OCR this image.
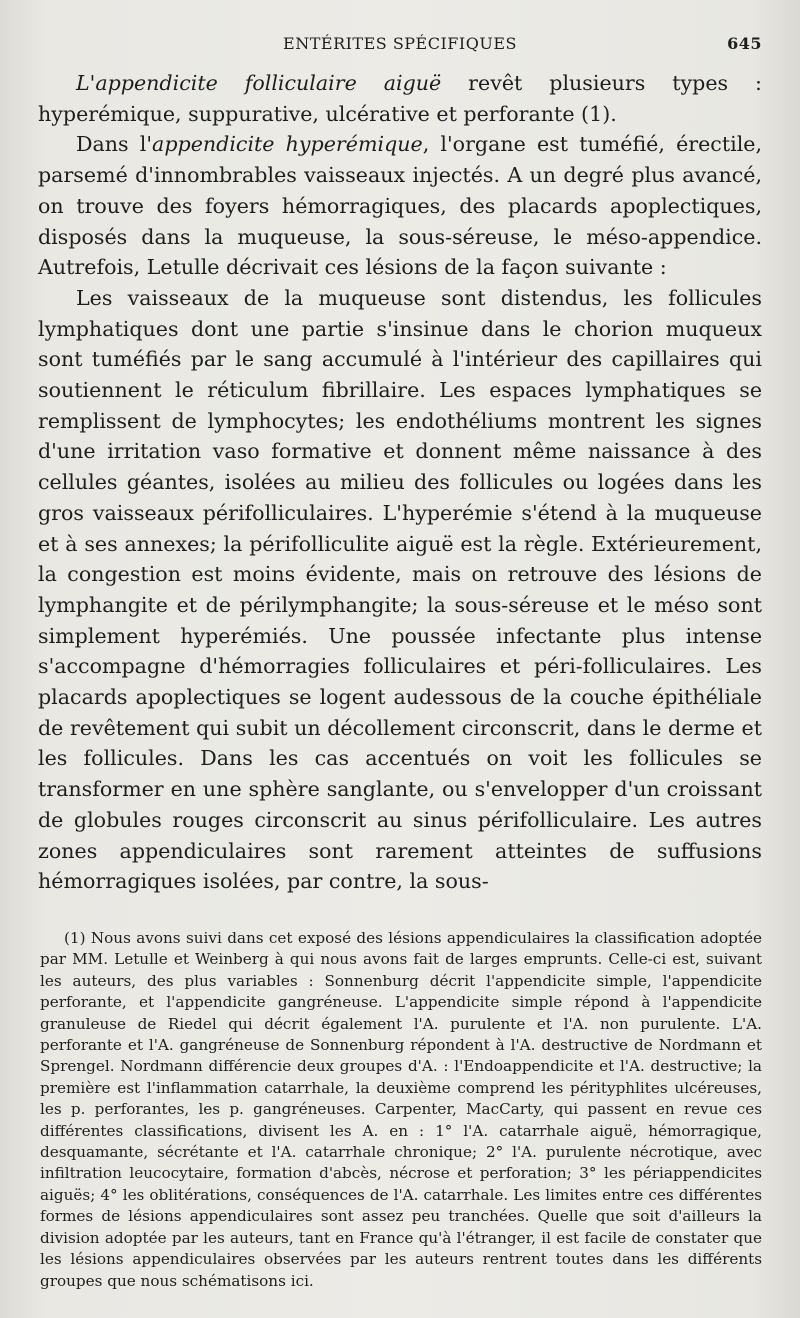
ENTÉRITES SPÉCIFIQUES	645

L'appendicite folliculaire aiguë revêt plusieurs types : hyperémique, suppurative, ulcérative et perforante (1).

Dans l'appendicite hyperémique, l'organe est tuméfié, érectile, parsemé d'innombrables vaisseaux injectés. A un degré plus avancé, on trouve des foyers hémorragiques, des placards apoplectiques, disposés dans la muqueuse, la sous-séreuse, le méso-appendice. Autrefois, Letulle décrivait ces lésions de la façon suivante :

Les vaisseaux de la muqueuse sont distendus, les follicules lymphatiques dont une partie s'insinue dans le chorion muqueux sont tuméfiés par le sang accumulé à l'intérieur des capillaires qui soutiennent le réticulum fibrillaire. Les espaces lymphatiques se remplissent de lymphocytes; les endothéliums montrent les signes d'une irritation vaso formative et donnent même naissance à des cellules géantes, isolées au milieu des follicules ou logées dans les gros vaisseaux périfolliculaires. L'hyperémie s'étend à la muqueuse et à ses annexes; la périfolliculite aiguë est la règle. Extérieurement, la congestion est moins évidente, mais on retrouve des lésions de lymphangite et de périlymphangite; la sous-séreuse et le méso sont simplement hyperémiés. Une poussée infectante plus intense s'accompagne d'hémorragies folliculaires et péri-folliculaires. Les placards apoplectiques se logent audessous de la couche épithéliale de revêtement qui subit un décollement circonscrit, dans le derme et les follicules. Dans les cas accentués on voit les follicules se transformer en une sphère sanglante, ou s'envelopper d'un croissant de globules rouges circonscrit au sinus périfolliculaire. Les autres zones appendiculaires sont rarement atteintes de suffusions hémorragiques isolées, par contre, la sous-

(1) Nous avons suivi dans cet exposé des lésions appendiculaires la classification adoptée par MM. Letulle et Weinberg à qui nous avons fait de larges emprunts. Celle-ci est, suivant les auteurs, des plus variables : Sonnenburg décrit l'appendicite simple, l'appendicite perforante, et l'appendicite gangréneuse. L'appendicite simple répond à l'appendicite granuleuse de Riedel qui décrit également l'A. purulente et l'A. non purulente. L'A. perforante et l'A. gangréneuse de Sonnenburg répondent à l'A. destructive de Nordmann et Sprengel. Nordmann différencie deux groupes d'A. : l'Endoappendicite et l'A. destructive; la première est l'inflammation catarrhale, la deuxième comprend les pérityphlites ulcéreuses, les p. perforantes, les p. gangréneuses. Carpenter, MacCarty, qui passent en revue ces différentes classifications, divisent les A. en : 1° l'A. catarrhale aiguë, hémorragique, desquamante, sécrétante et l'A. catarrhale chronique; 2° l'A. purulente nécrotique, avec infiltration leucocytaire, formation d'abcès, nécrose et perforation; 3° les périappendicites aiguës; 4° les oblitérations, conséquences de l'A. catarrhale. Les limites entre ces différentes formes de lésions appendiculaires sont assez peu tranchées. Quelle que soit d'ailleurs la division adoptée par les auteurs, tant en France qu'à l'étranger, il est facile de constater que les lésions appendiculaires observées par les auteurs rentrent toutes dans les différents groupes que nous schématisons ici.
